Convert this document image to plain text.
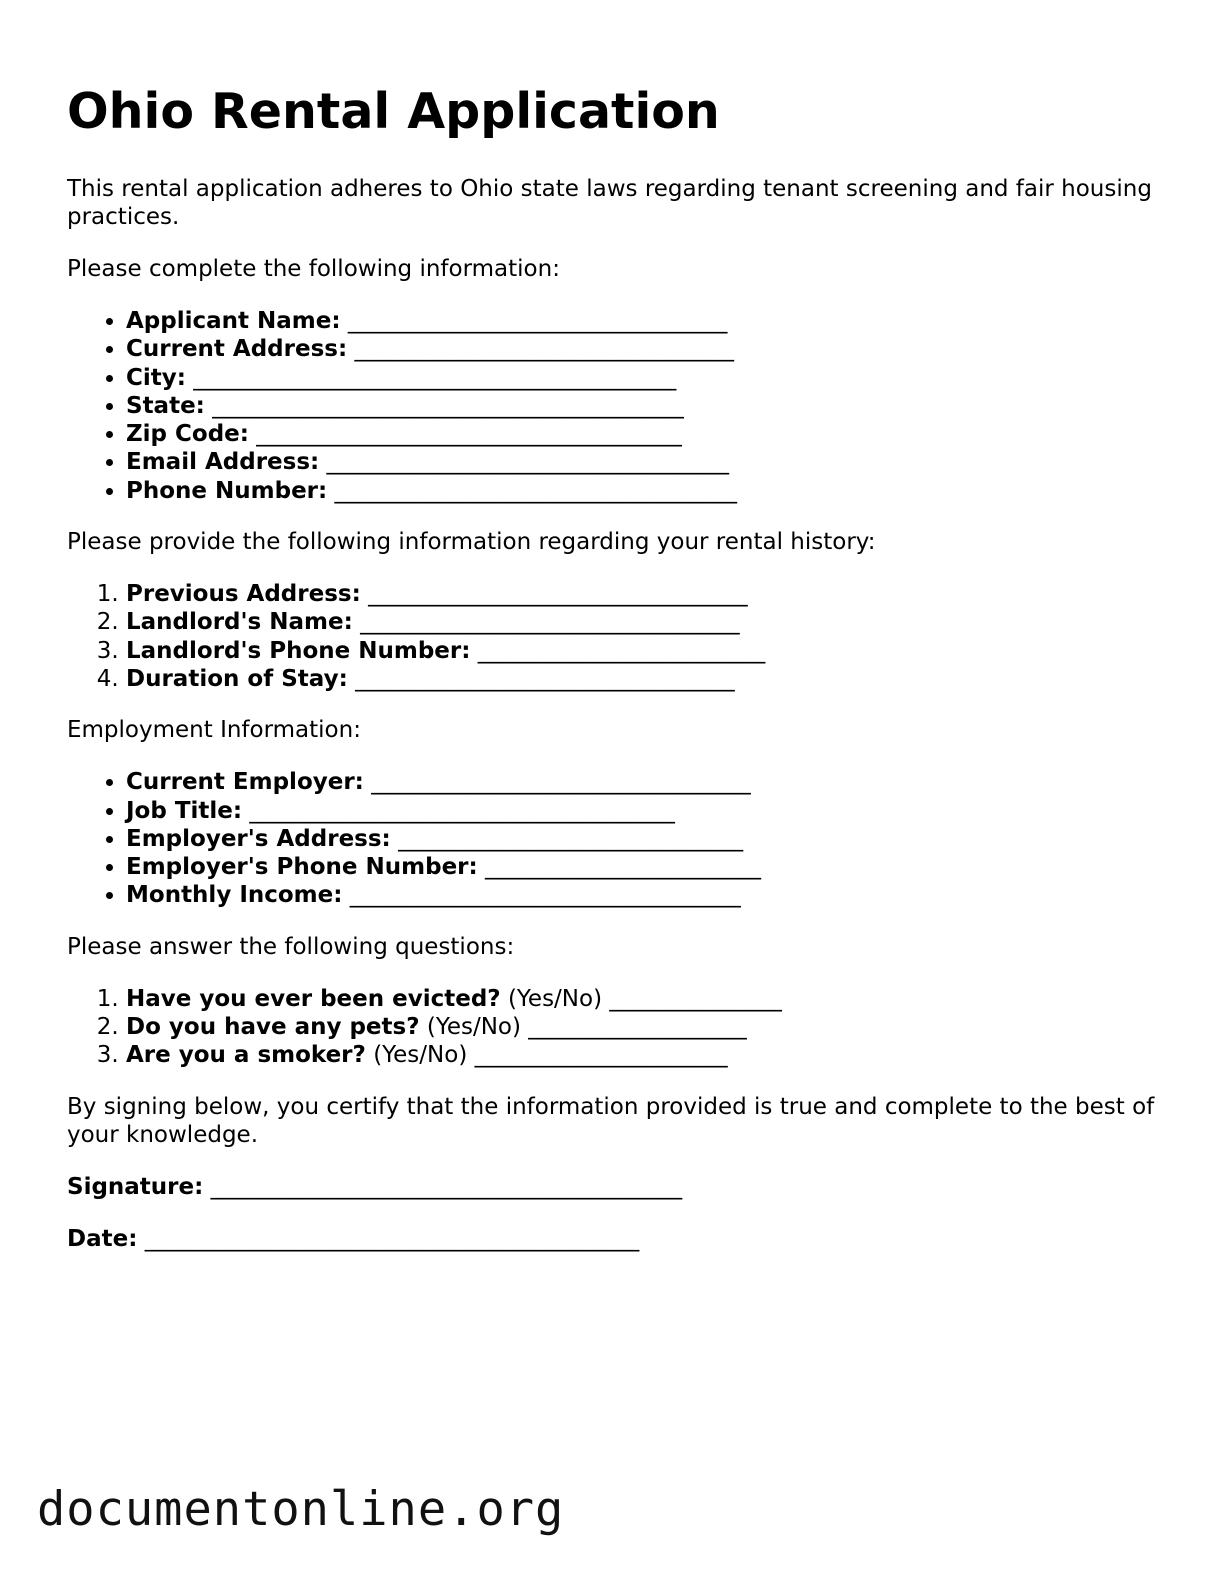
Ohio Rental Application

This rental application adheres to Ohio state laws regarding tenant screening and fair housing practices.

Please complete the following information:

• Applicant Name: _________________________________
• Current Address: _________________________________
• City: __________________________________________
• State: _________________________________________
• Zip Code: _____________________________________
• Email Address: ___________________________________
• Phone Number: ___________________________________

Please provide the following information regarding your rental history:

1. Previous Address: _________________________________
2. Landlord's Name: _________________________________
3. Landlord's Phone Number: _________________________
4. Duration of Stay: _________________________________

Employment Information:

• Current Employer: _________________________________
• Job Title: _____________________________________
• Employer's Address: ______________________________
• Employer's Phone Number: ________________________
• Monthly Income: __________________________________

Please answer the following questions:

1. Have you ever been evicted? (Yes/No) _______________
2. Do you have any pets? (Yes/No) ___________________
3. Are you a smoker? (Yes/No) ______________________

By signing below, you certify that the information provided is true and complete to the best of your knowledge.

Signature: _________________________________________

Date: ___________________________________________

documentonline.org
